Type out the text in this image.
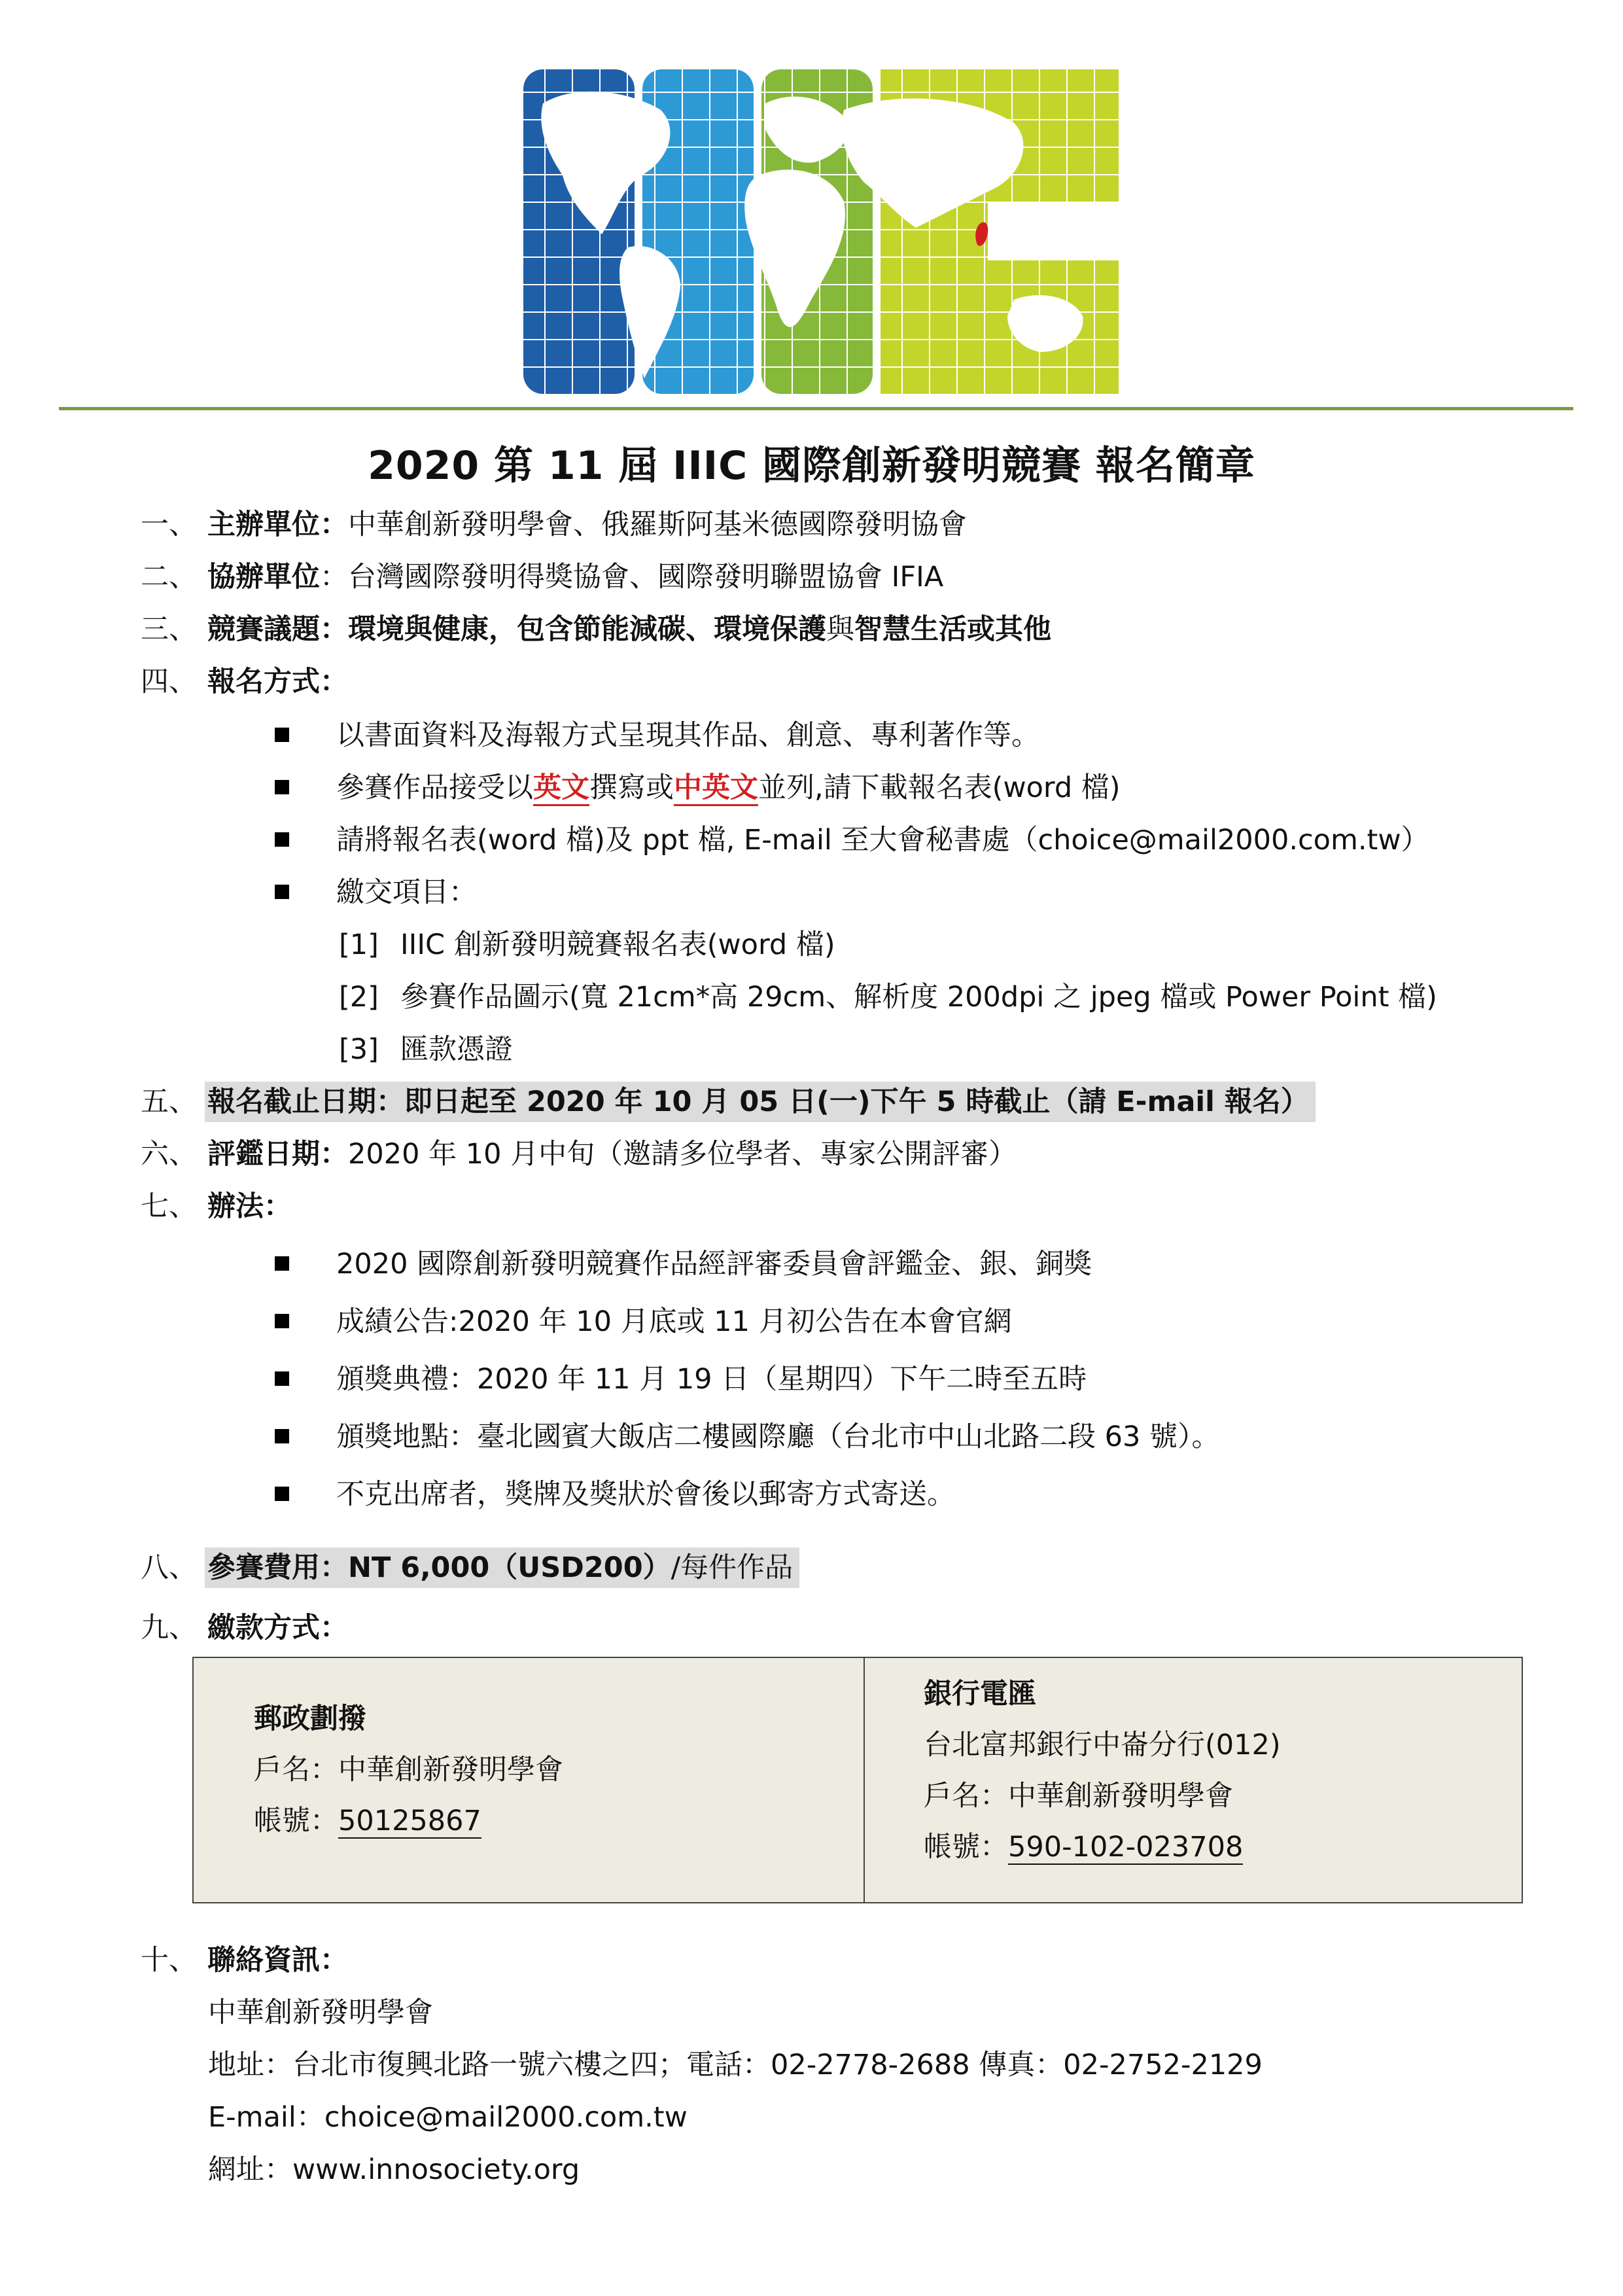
2020 第 11 屆 IIIC 國際創新發明競賽 報名簡章
一、 主辦單位：中華創新發明學會、俄羅斯阿基米德國際發明協會
二、 協辦單位：台灣國際發明得獎協會、國際發明聯盟協會 IFIA
三、 競賽議題：環境與健康，包含節能減碳、環境保護與智慧生活或其他
四、 報名方式：
以書面資料及海報方式呈現其作品、創意、專利著作等。
參賽作品接受以英文撰寫或中英文並列,請下載報名表(word 檔)
請將報名表(word 檔)及 ppt 檔, E-mail 至大會秘書處（choice@mail2000.com.tw）
繳交項目：
[1] IIIC 創新發明競賽報名表(word 檔)
[2] 參賽作品圖示(寬 21cm*高 29cm、解析度 200dpi 之 jpeg 檔或 Power Point 檔)
[3] 匯款憑證
五、 報名截止日期：即日起至 2020 年 10 月 05 日(一)下午 5 時截止（請 E-mail 報名）
六、 評鑑日期：2020 年 10 月中旬（邀請多位學者、專家公開評審）
七、 辦法：
2020 國際創新發明競賽作品經評審委員會評鑑金、銀、銅獎
成績公告:2020 年 10 月底或 11 月初公告在本會官網
頒獎典禮：2020 年 11 月 19 日（星期四）下午二時至五時
頒獎地點：臺北國賓大飯店二樓國際廳（台北市中山北路二段 63 號）。
不克出席者，獎牌及獎狀於會後以郵寄方式寄送。
八、 參賽費用：NT 6,000（USD200）/每件作品
九、 繳款方式：
郵政劃撥
戶名：中華創新發明學會
帳號：50125867
銀行電匯
台北富邦銀行中崙分行(012)
戶名：中華創新發明學會
帳號：590-102-023708
十、 聯絡資訊：
中華創新發明學會
地址：台北市復興北路一號六樓之四；電話：02-2778-2688 傳真：02-2752-2129
E-mail：choice@mail2000.com.tw
網址：www.innosociety.org
